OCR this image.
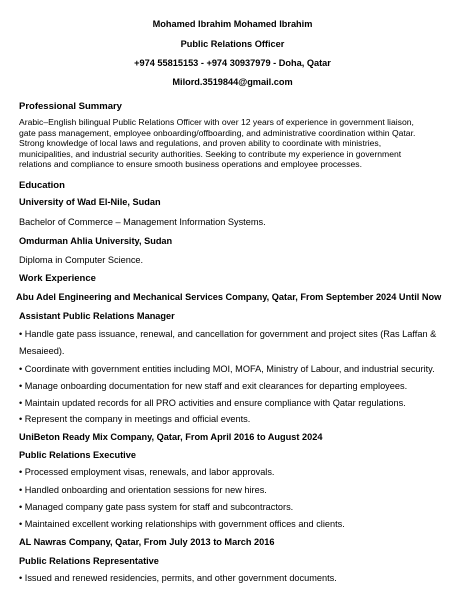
Mohamed Ibrahim Mohamed Ibrahim
Public Relations Officer
+974 55815153 - +974 30937979 - Doha, Qatar
Milord.3519844@gmail.com
Professional Summary
Arabic–English bilingual Public Relations Officer with over 12 years of experience in government liaison,
gate pass management, employee onboarding/offboarding, and administrative coordination within Qatar.
Strong knowledge of local laws and regulations, and proven ability to coordinate with ministries,
municipalities, and industrial security authorities. Seeking to contribute my experience in government
relations and compliance to ensure smooth business operations and employee processes.
Education
University of Wad El-Nile, Sudan
Bachelor of Commerce – Management Information Systems.
Omdurman Ahlia University, Sudan
Diploma in Computer Science.
Work Experience
Abu Adel Engineering and Mechanical Services Company, Qatar, From September 2024 Until Now
Assistant Public Relations Manager
• Handle gate pass issuance, renewal, and cancellation for government and project sites (Ras Laffan &
Mesaieed).
• Coordinate with government entities including MOI, MOFA, Ministry of Labour, and industrial security.
• Manage onboarding documentation for new staff and exit clearances for departing employees.
• Maintain updated records for all PRO activities and ensure compliance with Qatar regulations.
• Represent the company in meetings and official events.
UniBeton Ready Mix Company, Qatar, From April 2016 to August 2024
Public Relations Executive
• Processed employment visas, renewals, and labor approvals.
• Handled onboarding and orientation sessions for new hires.
• Managed company gate pass system for staff and subcontractors.
• Maintained excellent working relationships with government offices and clients.
AL Nawras Company, Qatar, From July 2013 to March 2016
Public Relations Representative
• Issued and renewed residencies, permits, and other government documents.
